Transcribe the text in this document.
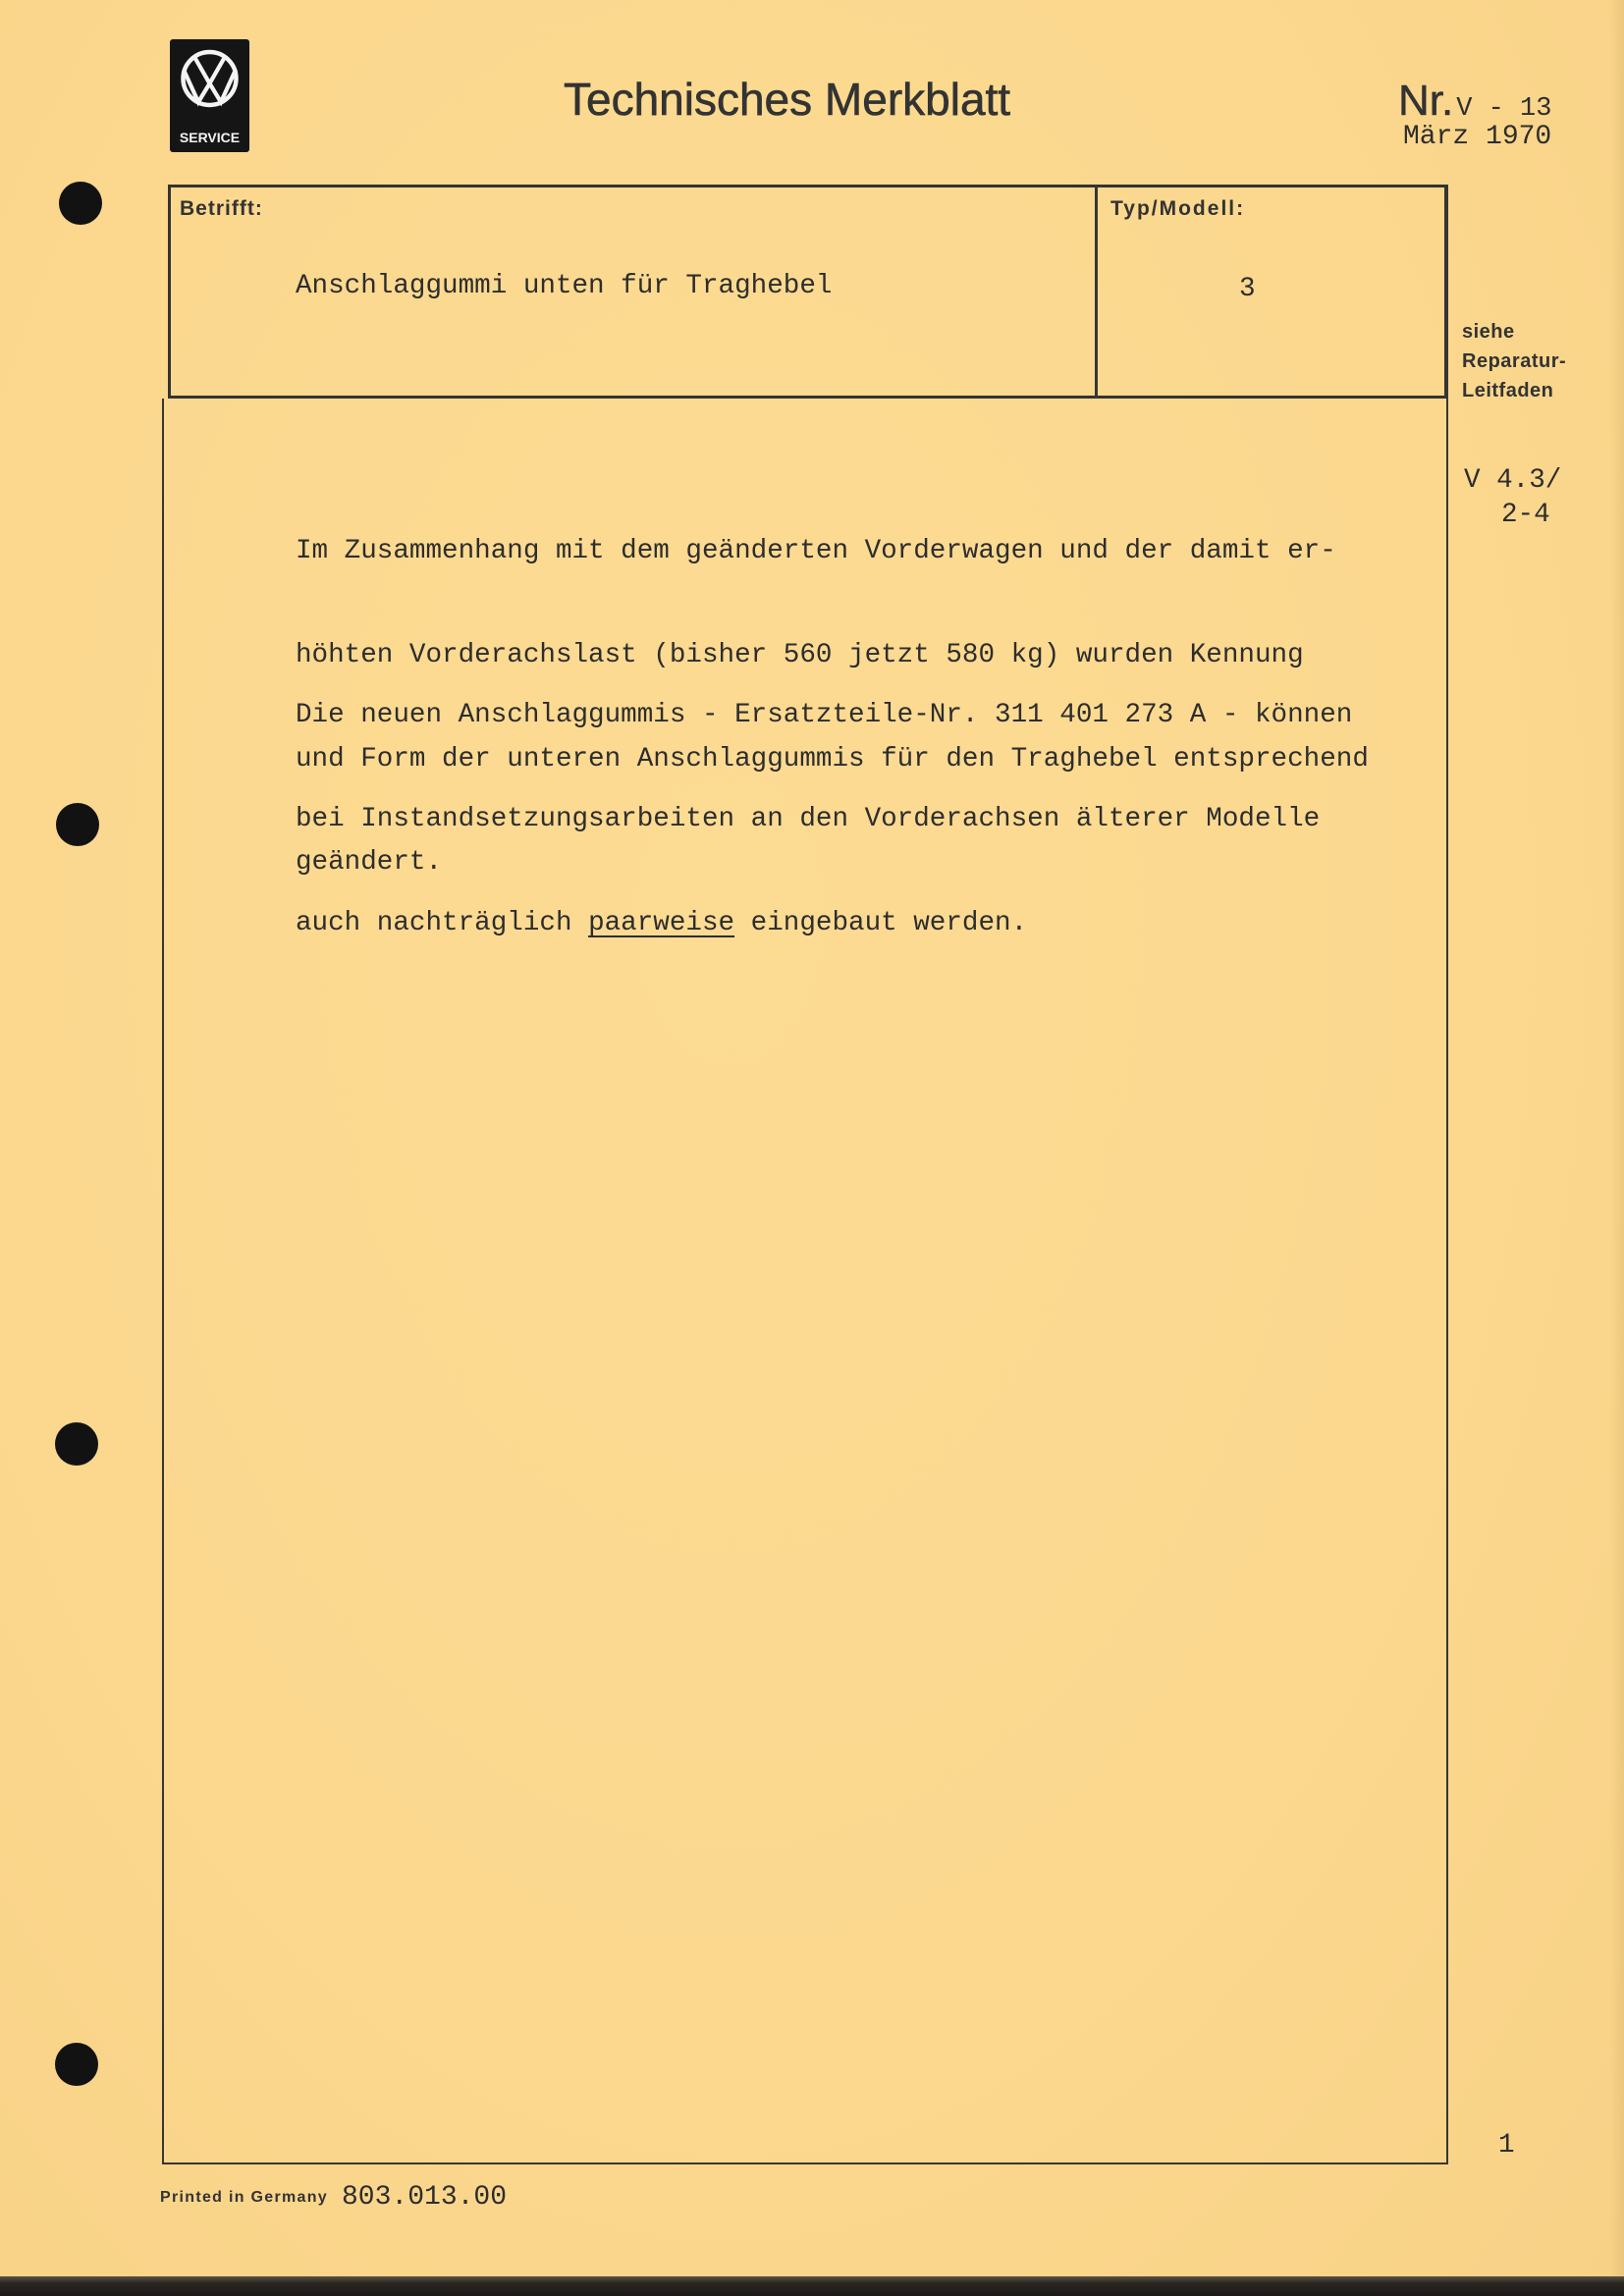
SERVICE
Technisches Merkblatt	Nr. V - 13
März 1970
Betrifft:
Anschlaggummi unten für Traghebel
Typ/Modell:
3
siehe
Reparatur-
Leitfaden
V 4.3/
2-4

Im Zusammenhang mit dem geänderten Vorderwagen und der damit er-

höhten Vorderachslast (bisher 560 jetzt 580 kg) wurden Kennung

und Form der unteren Anschlaggummis für den Traghebel entsprechend

geändert.

Die neuen Anschlaggummis - Ersatzteile-Nr. 311 401 273 A - können

bei Instandsetzungsarbeiten an den Vorderachsen älterer Modelle

auch nachträglich paarweise eingebaut werden.

1
Printed in Germany 803.013.00
